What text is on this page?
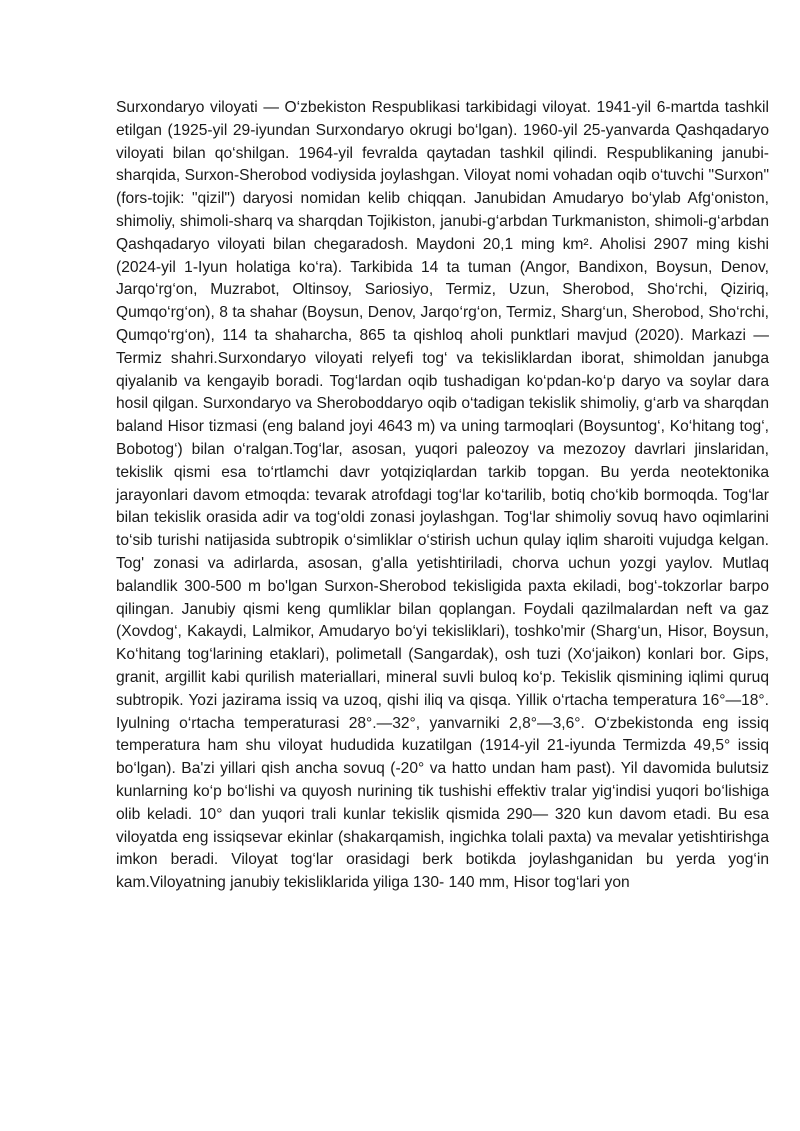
Surxondaryo viloyati — O‘zbekiston Respublikasi tarkibidagi viloyat. 1941-yil 6-martda tashkil etilgan (1925-yil 29-iyundan Surxondaryo okrugi bo‘lgan). 1960-yil 25-yanvarda Qashqadaryo viloyati bilan qo‘shilgan. 1964-yil fevralda qaytadan tashkil qilindi. Respublikaning janubi-sharqida, Surxon-Sherobod vodiysida joylashgan. Viloyat nomi vohadan oqib o‘tuvchi "Surxon" (fors-tojik: "qizil") daryosi nomidan kelib chiqqan. Janubidan Amudaryo bo‘ylab Afg‘oniston, shimoliy, shimoli-sharq va sharqdan Tojikiston, janubi-g‘arbdan Turkmaniston, shimoli-g‘arbdan Qashqadaryo viloyati bilan chegaradosh. Maydoni 20,1 ming km². Aholisi 2907 ming kishi (2024-yil 1-Iyun holatiga ko‘ra). Tarkibida 14 ta tuman (Angor, Bandixon, Boysun, Denov, Jarqo‘rg‘on, Muzrabot, Oltinsoy, Sariosiyo, Termiz, Uzun, Sherobod, Sho‘rchi, Qiziriq, Qumqo‘rg‘on), 8 ta shahar (Boysun, Denov, Jarqo‘rg‘on, Termiz, Sharg‘un, Sherobod, Sho‘rchi, Qumqo‘rg‘on), 114 ta shaharcha, 865 ta qishloq aholi punktlari mavjud (2020). Markazi — Termiz shahri.Surxondaryo viloyati relyefi tog‘ va tekisliklardan iborat, shimoldan janubga qiyalanib va kengayib boradi. Tog‘lardan oqib tushadigan ko‘pdan-ko‘p daryo va soylar dara hosil qilgan. Surxondaryo va Sheroboddaryo oqib o‘tadigan tekislik shimoliy, g‘arb va sharqdan baland Hisor tizmasi (eng baland joyi 4643 m) va uning tarmoqlari (Boysuntog‘, Ko‘hitang tog‘, Bobotog‘) bilan o‘ralgan.Tog‘lar, asosan, yuqori paleozoy va mezozoy davrlari jinslaridan, tekislik qismi esa to‘rtlamchi davr yotqiziqlardan tarkib topgan. Bu yerda neotektonika jarayonlari davom etmoqda: tevarak atrofdagi tog‘lar ko‘tarilib, botiq cho‘kib bormoqda. Tog‘lar bilan tekislik orasida adir va tog‘oldi zonasi joylashgan. Tog‘lar shimoliy sovuq havo oqimlarini to‘sib turishi natijasida subtropik o‘simliklar o‘stirish uchun qulay iqlim sharoiti vujudga kelgan. Tog' zonasi va adirlarda, asosan, g'alla yetishtiriladi, chorva uchun yozgi yaylov. Mutlaq balandlik 300-500 m bo'lgan Surxon-Sherobod tekisligida paxta ekiladi, bog‘-tokzorlar barpo qilingan. Janubiy qismi keng qumliklar bilan qoplangan. Foydali qazilmalardan neft va gaz (Xovdog‘, Kakaydi, Lalmikor, Amudaryo bo‘yi tekisliklari), toshko'mir (Sharg‘un, Hisor, Boysun, Ko‘hitang tog‘larining etaklari), polimetall (Sangardak), osh tuzi (Xo‘jaikon) konlari bor. Gips, granit, argillit kabi qurilish materiallari, mineral suvli buloq ko‘p. Tekislik qismining iqlimi quruq subtropik. Yozi jazirama issiq va uzoq, qishi iliq va qisqa. Yillik o‘rtacha temperatura 16°—18°. Iyulning o‘rtacha temperaturasi 28°.—32°, yanvarniki 2,8°—3,6°. O‘zbekistonda eng issiq temperatura ham shu viloyat hududida kuzatilgan (1914-yil 21-iyunda Termizda 49,5° issiq bo‘lgan). Ba'zi yillari qish ancha sovuq (-20° va hatto undan ham past). Yil davomida bulutsiz kunlarning ko‘p bo‘lishi va quyosh nurining tik tushishi effektiv tralar yig‘indisi yuqori bo‘lishiga olib keladi. 10° dan yuqori trali kunlar tekislik qismida 290— 320 kun davom etadi. Bu esa viloyatda eng issiqsevar ekinlar (shakarqamish, ingichka tolali paxta) va mevalar yetishtirishga imkon beradi. Viloyat tog‘lar orasidagi berk botikda joylashganidan bu yerda yog‘in kam.Viloyatning janubiy tekisliklarida yiliga 130- 140 mm, Hisor tog‘lari yon
